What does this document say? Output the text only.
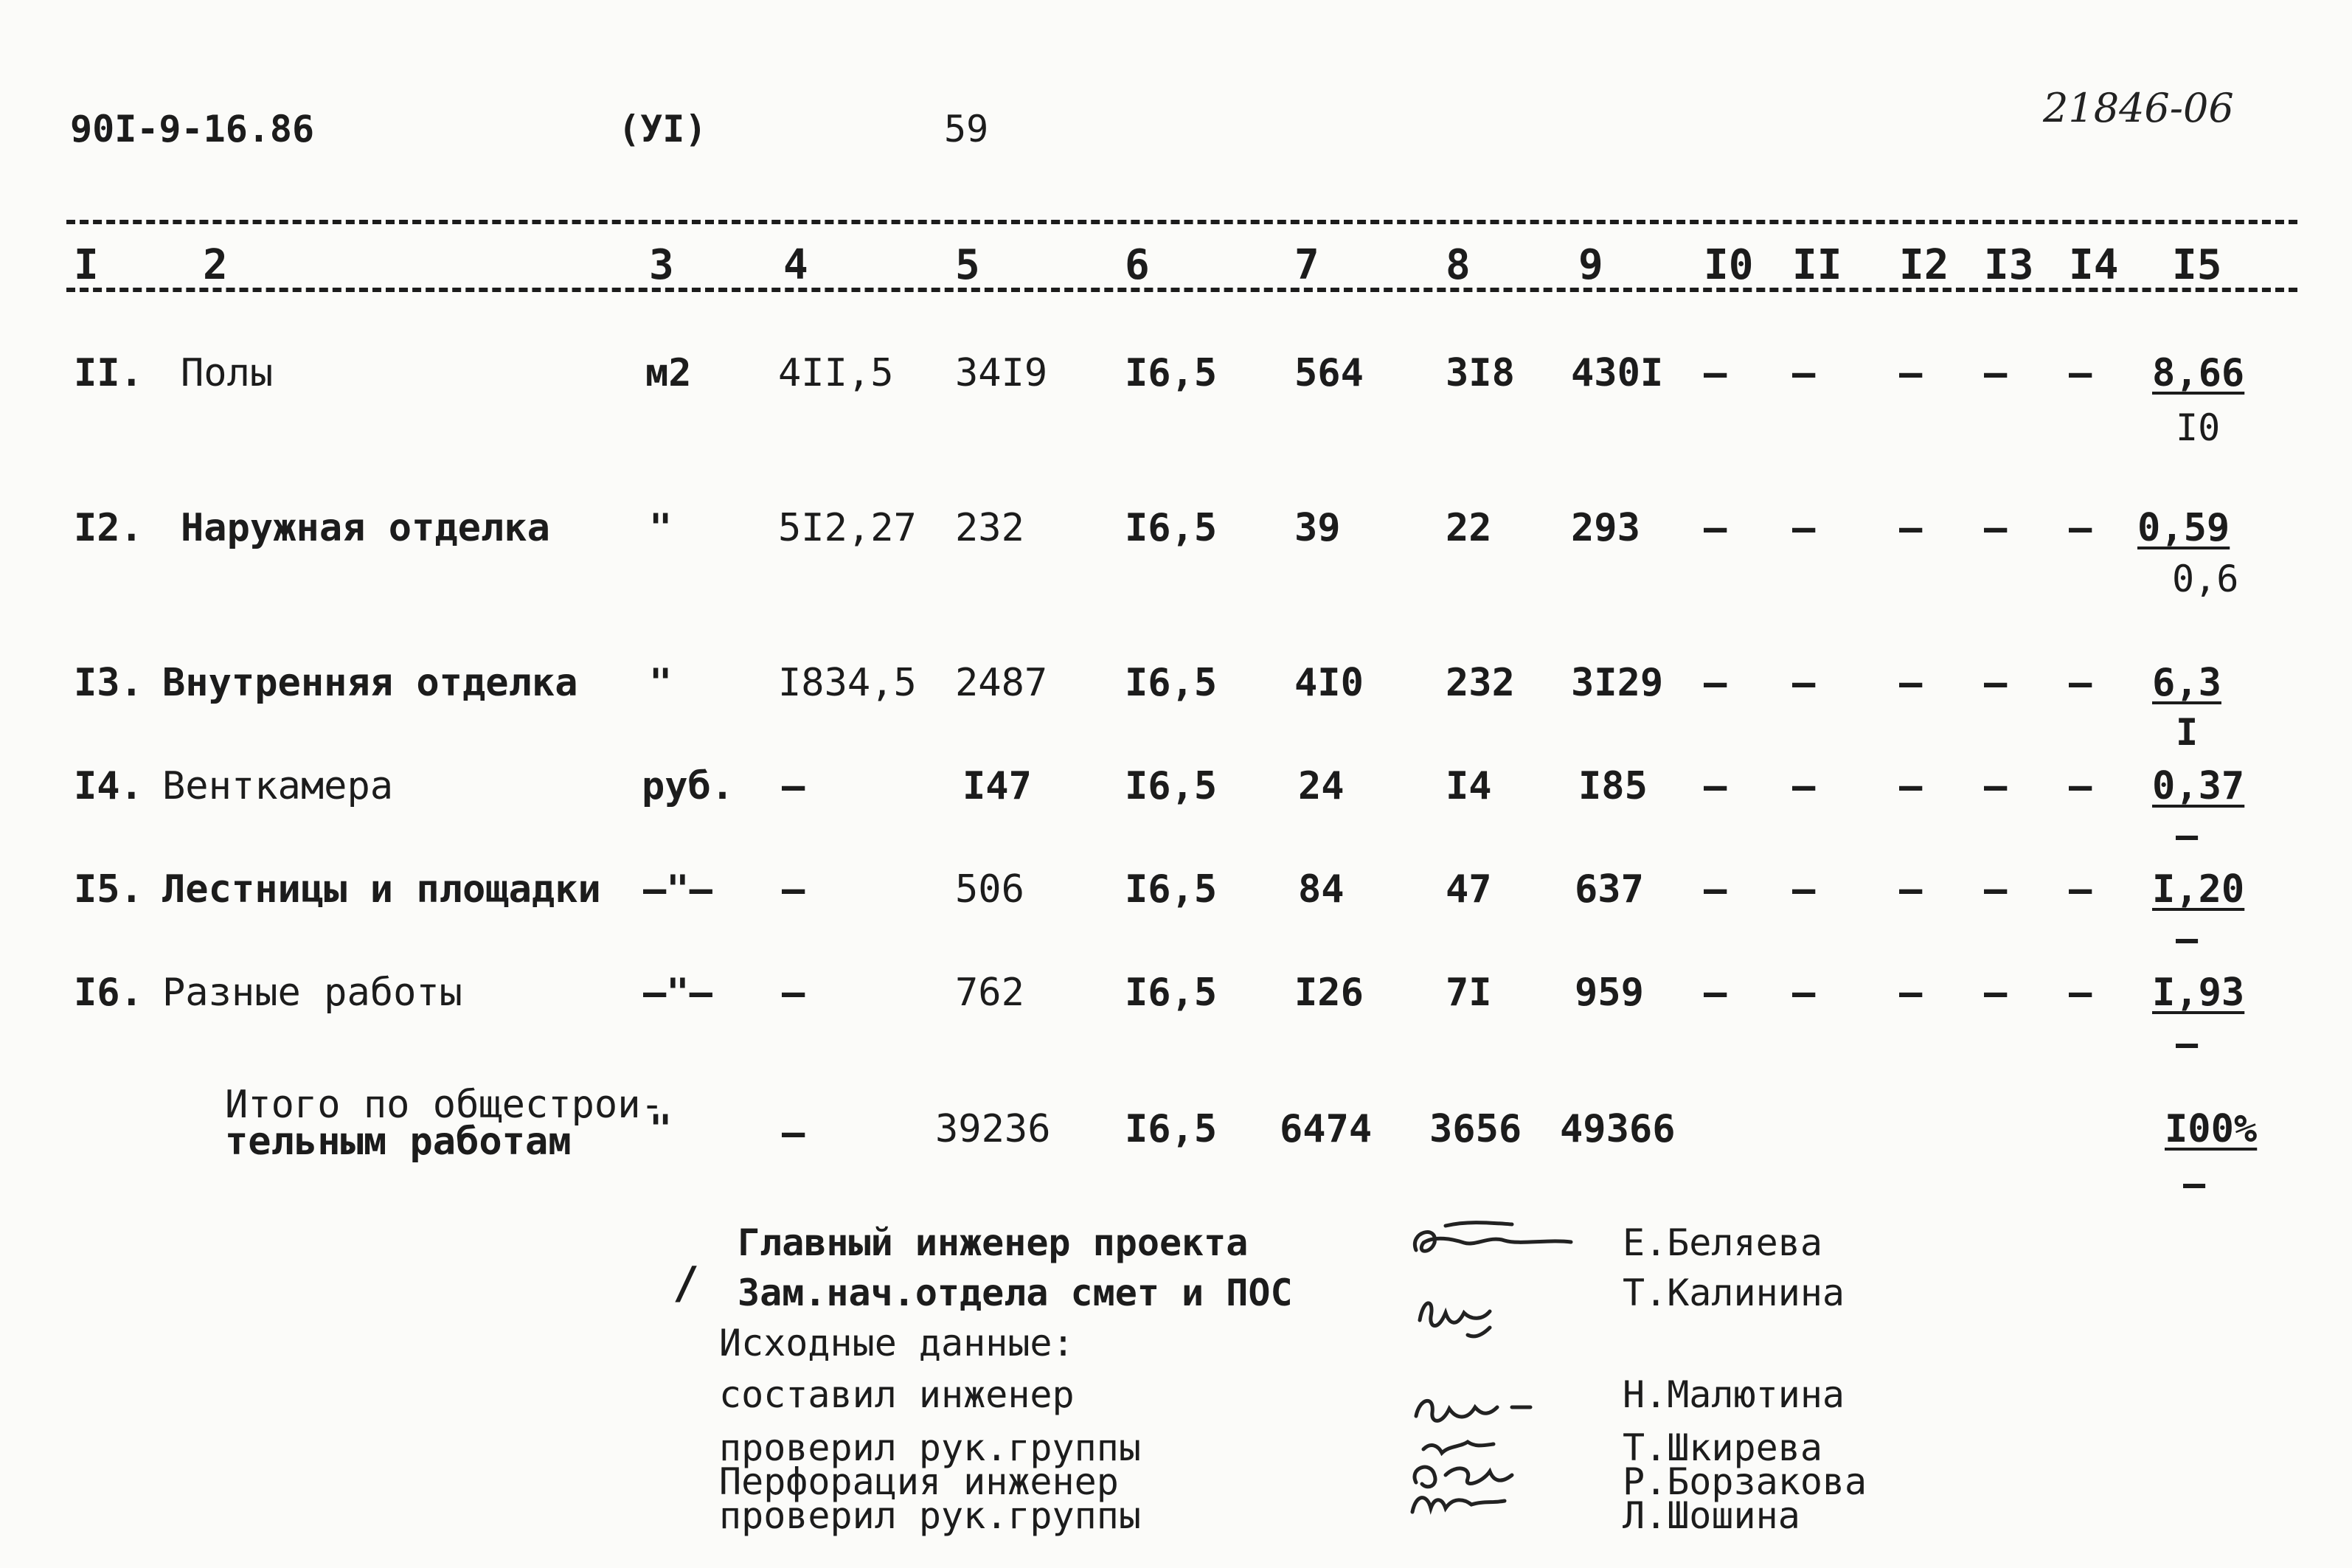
90I-9-16.86	(УI)	59	21846-06
I	2	3	4	5	6	7	8	9 I0 II I2 I3 I4 I5
II. Полы	м2 4II,5 34I9 I6,5 564 3I8 430I – – – – – 8,66
I0
I2. Наружная отделка	"	5I2,27 232	I6,5 39	22 293 – – – – – 0,59
0,6
I3. Внутренняя отделка "	I834,5 2487 I6,5 4I0 232 3I29 – – – – – 6,3
I
I4. Венткамера	руб. –	I47 I6,5 24	I4 I85 – – – – – 0,37
–
I5. Лестницы и площадки –"– –	506	I6,5 84	47 637 – – – – – I,20
–
I6. Разные работы	–"– –	762	I6,5 I26 7I 959 – – – – – I,93
–
Итого по общестрои-
тельным работам "	–	39236 I6,5 6474 3656 49366	I00%
–
/
Главный инженер проекта
Зам.нач.отдела смет и ПОС
Исходные данные:
составил инженер
проверил рук.группы
Перфорация инженер
проверил рук.группы
Е.Беляева
Т.Калинина
Н.Малютина
Т.Шкирева
Р.Борзакова
Л.Шошина
